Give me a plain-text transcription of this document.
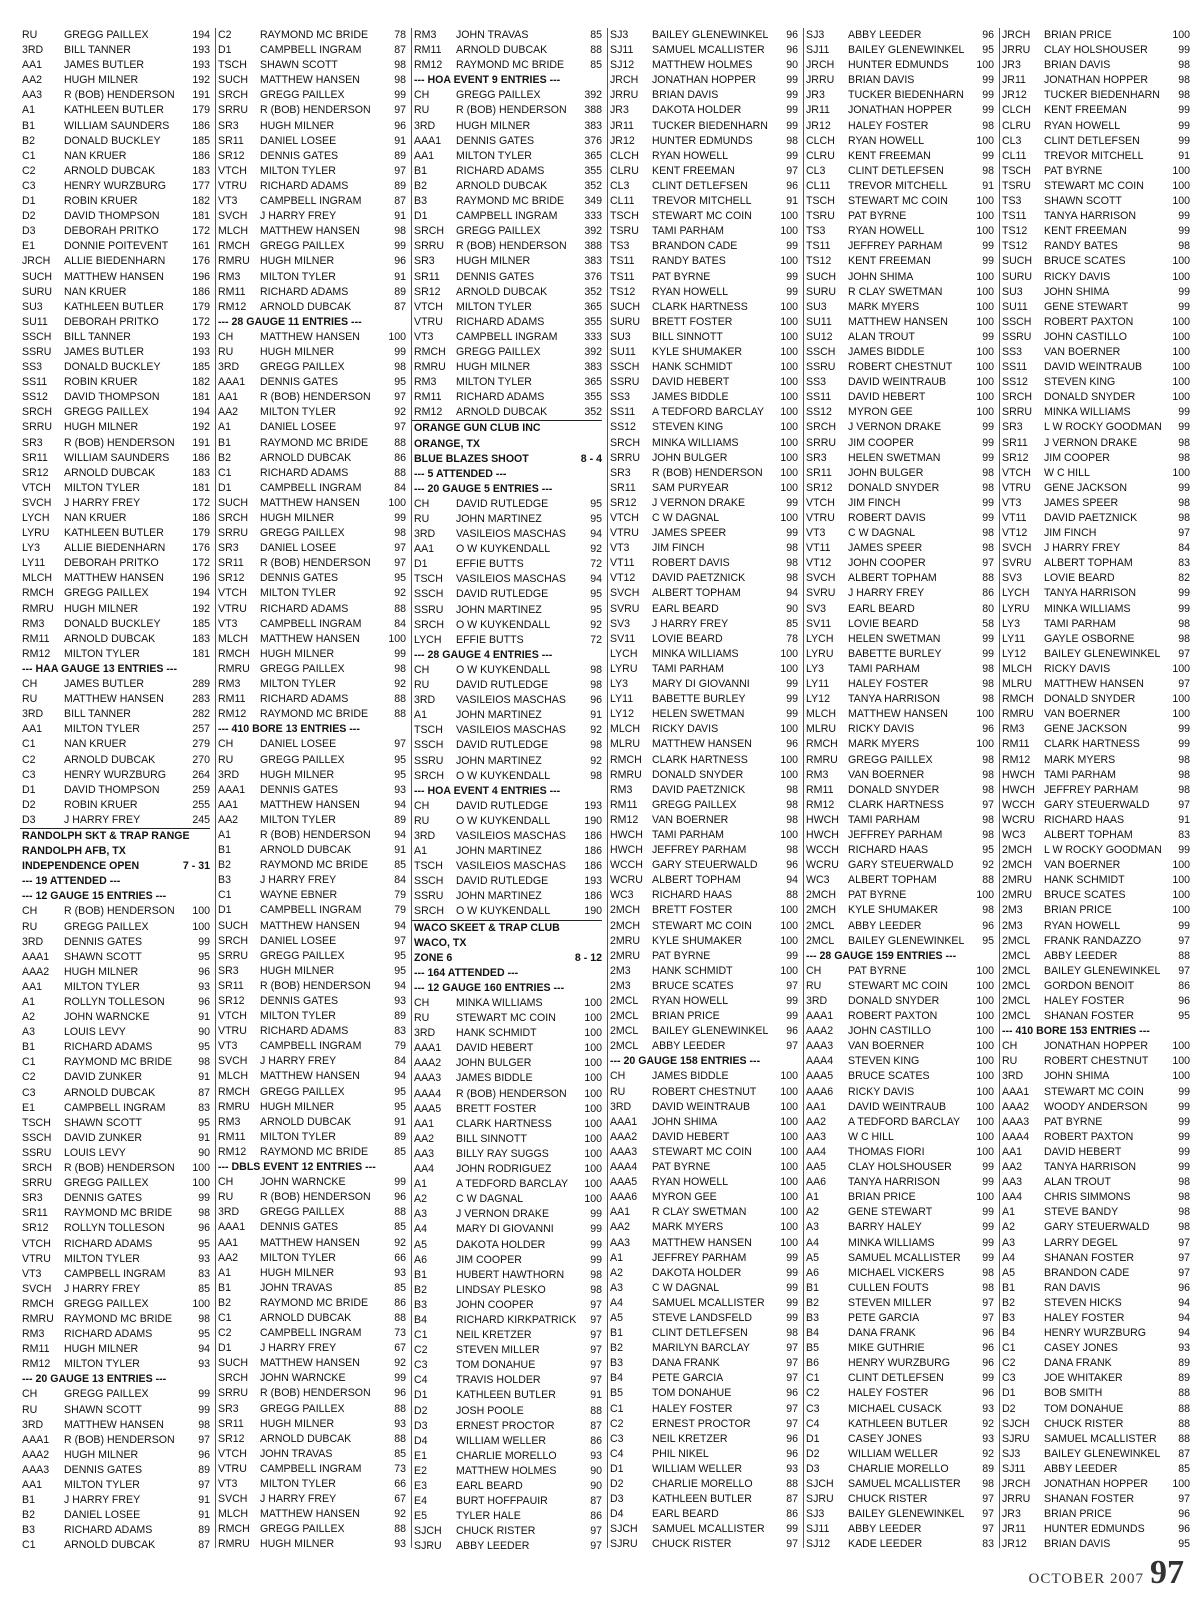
RU	GREGG PAILLEX	194
3RD	BILL TANNER	193
AA1	JAMES BUTLER	193
AA2	HUGH MILNER	192
AA3	R (BOB) HENDERSON	191
A1	KATHLEEN BUTLER	179
B1	WILLIAM SAUNDERS	186
B2	DONALD BUCKLEY	185
C1	NAN KRUER	186
C2	ARNOLD DUBCAK	183
C3	HENRY WURZBURG	177
D1	ROBIN KRUER	182
D2	DAVID THOMPSON	181
D3	DEBORAH PRITKO	172
E1	DONNIE POITEVENT	161
JRCH	ALLIE BIEDENHARN	176
SUCH	MATTHEW HANSEN	196
SURU	NAN KRUER	186
SU3	KATHLEEN BUTLER	179
SU11	DEBORAH PRITKO	172
SSCH	BILL TANNER	193
SSRU	JAMES BUTLER	193
SS3	DONALD BUCKLEY	185
SS11	ROBIN KRUER	182
SS12	DAVID THOMPSON	181
SRCH	GREGG PAILLEX	194
SRRU	HUGH MILNER	192
SR3	R (BOB) HENDERSON	191
SR11	WILLIAM SAUNDERS	186
SR12	ARNOLD DUBCAK	183
VTCH	MILTON TYLER	181
SVCH	J HARRY FREY	172
LYCH	NAN KRUER	186
LYRU	KATHLEEN BUTLER	179
LY3	ALLIE BIEDENHARN	176
LY11	DEBORAH PRITKO	172
MLCH	MATTHEW HANSEN	196
RMCH GREGG PAILLEX	194
RMRU HUGH MILNER	192
RM3	DONALD BUCKLEY	185
RM11	ARNOLD DUBCAK	183
RM12	MILTON TYLER	181
--- HAA GAUGE 13 ENTRIES ---
CH	JAMES BUTLER	289
RU	MATTHEW HANSEN	283
3RD	BILL TANNER	282
AA1	MILTON TYLER	257
C1	NAN KRUER	279
C2	ARNOLD DUBCAK	270
C3	HENRY WURZBURG	264
D1	DAVID THOMPSON	259
D2	ROBIN KRUER	255
D3	J HARRY FREY	245
RANDOLPH SKT & TRAP RANGE
RANDOLPH AFB, TX
INDEPENDENCE OPEN	7 - 31
--- 19 ATTENDED ---
--- 12 GAUGE 15 ENTRIES ---
CH	R (BOB) HENDERSON	100
RU	GREGG PAILLEX	100
3RD	DENNIS GATES	99
AAA1	SHAWN SCOTT	95
AAA2	HUGH MILNER	96
AA1	MILTON TYLER	93
A1	ROLLYN TOLLESON	96
A2	JOHN WARNCKE	91
A3	LOUIS LEVY	90
B1	RICHARD ADAMS	95
C1	RAYMOND MC BRIDE	98
C2	DAVID ZUNKER	91
C3	ARNOLD DUBCAK	87
E1	CAMPBELL INGRAM	83
TSCH	SHAWN SCOTT	95
SSCH	DAVID ZUNKER	91
SSRU	LOUIS LEVY	90
SRCH	R (BOB) HENDERSON	100
SRRU	GREGG PAILLEX	100
SR3	DENNIS GATES	99
SR11	RAYMOND MC BRIDE	98
SR12	ROLLYN TOLLESON	96
VTCH	RICHARD ADAMS	95
VTRU	MILTON TYLER	93
VT3	CAMPBELL INGRAM	83
SVCH	J HARRY FREY	85
RMCH GREGG PAILLEX	100
RMRU RAYMOND MC BRIDE	98
RM3	RICHARD ADAMS	95
RM11	HUGH MILNER	94
RM12	MILTON TYLER	93
--- 20 GAUGE 13 ENTRIES ---
CH	GREGG PAILLEX	99
RU	SHAWN SCOTT	99
3RD	MATTHEW HANSEN	98
AAA1	R (BOB) HENDERSON	97
AAA2	HUGH MILNER	96
AAA3	DENNIS GATES	89
AA1	MILTON TYLER	97
B1	J HARRY FREY	91
B2	DANIEL LOSEE	91
B3	RICHARD ADAMS	89
C1	ARNOLD DUBCAK	87
C2	RAYMOND MC BRIDE	78
D1	CAMPBELL INGRAM	87
TSCH	SHAWN SCOTT	98
SUCH	MATTHEW HANSEN	98
SRCH	GREGG PAILLEX	99
SRRU	R (BOB) HENDERSON	97
SR3	HUGH MILNER	96
SR11	DANIEL LOSEE	91
SR12	DENNIS GATES	89
VTCH	MILTON TYLER	97
VTRU	RICHARD ADAMS	89
VT3	CAMPBELL INGRAM	87
SVCH	J HARRY FREY	91
MLCH	MATTHEW HANSEN	98
RMCH GREGG PAILLEX	99
RMRU HUGH MILNER	96
RM3	MILTON TYLER	91
RM11	RICHARD ADAMS	89
RM12	ARNOLD DUBCAK	87
--- 28 GAUGE 11 ENTRIES ---
CH	MATTHEW HANSEN	100
RU	HUGH MILNER	99
3RD	GREGG PAILLEX	98
AAA1	DENNIS GATES	95
AA1	R (BOB) HENDERSON	97
AA2	MILTON TYLER	92
A1	DANIEL LOSEE	97
B1	RAYMOND MC BRIDE	88
B2	ARNOLD DUBCAK	86
C1	RICHARD ADAMS	88
D1	CAMPBELL INGRAM	84
SUCH	MATTHEW HANSEN	100
SRCH	HUGH MILNER	99
SRRU	GREGG PAILLEX	98
SR3	DANIEL LOSEE	97
SR11	R (BOB) HENDERSON	97
SR12	DENNIS GATES	95
VTCH	MILTON TYLER	92
VTRU	RICHARD ADAMS	88
VT3	CAMPBELL INGRAM	84
MLCH	MATTHEW HANSEN	100
RMCH HUGH MILNER	99
RMRU GREGG PAILLEX	98
RM3	MILTON TYLER	92
RM11	RICHARD ADAMS	88
RM12	RAYMOND MC BRIDE	88
--- 410 BORE 13 ENTRIES ---
CH	DANIEL LOSEE	97
RU	GREGG PAILLEX	95
3RD	HUGH MILNER	95
AAA1	DENNIS GATES	93
AA1	MATTHEW HANSEN	94
AA2	MILTON TYLER	89
A1	R (BOB) HENDERSON	94
B1	ARNOLD DUBCAK	91
B2	RAYMOND MC BRIDE	85
B3	J HARRY FREY	84
C1	WAYNE EBNER	79
D1	CAMPBELL INGRAM	79
SUCH	MATTHEW HANSEN	94
SRCH	DANIEL LOSEE	97
SRRU	GREGG PAILLEX	95
SR3	HUGH MILNER	95
SR11	R (BOB) HENDERSON	94
SR12	DENNIS GATES	93
VTCH	MILTON TYLER	89
VTRU	RICHARD ADAMS	83
VT3	CAMPBELL INGRAM	79
SVCH	J HARRY FREY	84
MLCH	MATTHEW HANSEN	94
RMCH GREGG PAILLEX	95
RMRU HUGH MILNER	95
RM3	ARNOLD DUBCAK	91
RM11	MILTON TYLER	89
RM12	RAYMOND MC BRIDE	85
--- DBLS EVENT 12 ENTRIES ---
CH	JOHN WARNCKE	99
RU	R (BOB) HENDERSON	96
3RD	GREGG PAILLEX	88
AAA1	DENNIS GATES	85
AA1	MATTHEW HANSEN	92
AA2	MILTON TYLER	66
A1	HUGH MILNER	93
B1	JOHN TRAVAS	85
B2	RAYMOND MC BRIDE	86
C1	ARNOLD DUBCAK	88
C2	CAMPBELL INGRAM	73
D1	J HARRY FREY	67
SUCH	MATTHEW HANSEN	92
SRCH	JOHN WARNCKE	99
SRRU	R (BOB) HENDERSON	96
SR3	GREGG PAILLEX	88
SR11	HUGH MILNER	93
SR12	ARNOLD DUBCAK	88
VTCH	JOHN TRAVAS	85
VTRU	CAMPBELL INGRAM	73
VT3	MILTON TYLER	66
SVCH	J HARRY FREY	67
MLCH	MATTHEW HANSEN	92
RMCH GREGG PAILLEX	88
RMRU HUGH MILNER	93
RM3	JOHN TRAVAS	85
RM11	ARNOLD DUBCAK	88
RM12	RAYMOND MC BRIDE	85
--- HOA EVENT 9 ENTRIES ---
CH	GREGG PAILLEX	392
RU	R (BOB) HENDERSON	388
3RD	HUGH MILNER	383
AAA1	DENNIS GATES	376
AA1	MILTON TYLER	365
B1	RICHARD ADAMS	355
B2	ARNOLD DUBCAK	352
B3	RAYMOND MC BRIDE	349
D1	CAMPBELL INGRAM	333
SRCH	GREGG PAILLEX	392
SRRU	R (BOB) HENDERSON	388
SR3	HUGH MILNER	383
SR11	DENNIS GATES	376
SR12	ARNOLD DUBCAK	352
VTCH	MILTON TYLER	365
VTRU	RICHARD ADAMS	355
VT3	CAMPBELL INGRAM	333
RMCH GREGG PAILLEX	392
RMRU HUGH MILNER	383
RM3	MILTON TYLER	365
RM11	RICHARD ADAMS	355
RM12	ARNOLD DUBCAK	352
ORANGE GUN CLUB INC
ORANGE, TX
BLUE BLAZES SHOOT	8 - 4
--- 5 ATTENDED ---
--- 20 GAUGE 5 ENTRIES ---
CH	DAVID RUTLEDGE	95
RU	JOHN MARTINEZ	95
3RD	VASILEIOS MASCHAS	94
AA1	O W KUYKENDALL	92
D1	EFFIE BUTTS	72
TSCH	VASILEIOS MASCHAS	94
SSCH	DAVID RUTLEDGE	95
SSRU	JOHN MARTINEZ	95
SRCH	O W KUYKENDALL	92
LYCH	EFFIE BUTTS	72
--- 28 GAUGE 4 ENTRIES ---
CH	O W KUYKENDALL	98
RU	DAVID RUTLEDGE	98
3RD	VASILEIOS MASCHAS	96
A1	JOHN MARTINEZ	91
TSCH	VASILEIOS MASCHAS	92
SSCH	DAVID RUTLEDGE	98
SSRU	JOHN MARTINEZ	92
SRCH	O W KUYKENDALL	98
--- HOA EVENT 4 ENTRIES ---
CH	DAVID RUTLEDGE	193
RU	O W KUYKENDALL	190
3RD	VASILEIOS MASCHAS	186
A1	JOHN MARTINEZ	186
TSCH	VASILEIOS MASCHAS	186
SSCH	DAVID RUTLEDGE	193
SSRU	JOHN MARTINEZ	186
SRCH	O W KUYKENDALL	190
WACO SKEET & TRAP CLUB
WACO, TX
ZONE 6	8 - 12
--- 164 ATTENDED ---
--- 12 GAUGE 160 ENTRIES ---
CH	MINKA WILLIAMS	100
RU	STEWART MC COIN	100
3RD	HANK SCHMIDT	100
AAA1	DAVID HEBERT	100
AAA2	JOHN BULGER	100
AAA3	JAMES BIDDLE	100
AAA4	R (BOB) HENDERSON	100
AAA5	BRETT FOSTER	100
AA1	CLARK HARTNESS	100
AA2	BILL SINNOTT	100
AA3	BILLY RAY SUGGS	100
AA4	JOHN RODRIGUEZ	100
A1	A TEDFORD BARCLAY	100
A2	C W DAGNAL	100
A3	J VERNON DRAKE	99
A4	MARY DI GIOVANNI	99
A5	DAKOTA HOLDER	99
A6	JIM COOPER	99
B1	HUBERT HAWTHORN	98
B2	LINDSAY PLESKO	98
B3	JOHN COOPER	97
B4	RICHARD KIRKPATRICK	97
C1	NEIL KRETZER	97
C2	STEVEN MILLER	97
C3	TOM DONAHUE	97
C4	TRAVIS HOLDER	97
D1	KATHLEEN BUTLER	91
D2	JOSH POOLE	88
D3	ERNEST PROCTOR	87
D4	WILLIAM WELLER	86
E1	CHARLIE MORELLO	93
E2	MATTHEW HOLMES	90
E3	EARL BEARD	90
E4	BURT HOFFPAUIR	87
E5	TYLER HALE	86
SJCH	CHUCK RISTER	97
SJRU	ABBY LEEDER	97
SJ3	BAILEY GLENEWINKEL	96
SJ11	SAMUEL MCALLISTER	96
SJ12	MATTHEW HOLMES	90
JRCH	JONATHAN HOPPER	99
JRRU	BRIAN DAVIS	99
JR3	DAKOTA HOLDER	99
JR11	TUCKER BIEDENHARN	99
JR12	HUNTER EDMUNDS	98
CLCH	RYAN HOWELL	99
CLRU	KENT FREEMAN	97
CL3	CLINT DETLEFSEN	96
CL11	TREVOR MITCHELL	91
TSCH	STEWART MC COIN	100
TSRU	TAMI PARHAM	100
TS3	BRANDON CADE	99
TS11	RANDY BATES	100
TS11	PAT BYRNE	99
TS12	RYAN HOWELL	99
SUCH	CLARK HARTNESS	100
SURU	BRETT FOSTER	100
SU3	BILL SINNOTT	100
SU11	KYLE SHUMAKER	100
SSCH	HANK SCHMIDT	100
SSRU	DAVID HEBERT	100
SS3	JAMES BIDDLE	100
SS11	A TEDFORD BARCLAY	100
SS12	STEVEN KING	100
SRCH	MINKA WILLIAMS	100
SRRU	JOHN BULGER	100
SR3	R (BOB) HENDERSON	100
SR11	SAM PURYEAR	100
SR12	J VERNON DRAKE	99
VTCH	C W DAGNAL	100
VTRU	JAMES SPEER	99
VT3	JIM FINCH	98
VT11	ROBERT DAVIS	98
VT12	DAVID PAETZNICK	98
SVCH	ALBERT TOPHAM	94
SVRU	EARL BEARD	90
SV3	J HARRY FREY	85
SV11	LOVIE BEARD	78
LYCH	MINKA WILLIAMS	100
LYRU	TAMI PARHAM	100
LY3	MARY DI GIOVANNI	99
LY11	BABETTE BURLEY	99
LY12	HELEN SWETMAN	99
MLCH	RICKY DAVIS	100
MLRU	MATTHEW HANSEN	96
RMCH CLARK HARTNESS	100
RMRU DONALD SNYDER	100
RM3	DAVID PAETZNICK	98
RM11	GREGG PAILLEX	98
RM12	VAN BOERNER	98
HWCH TAMI PARHAM	100
HWCH JEFFREY PARHAM	98
WCCH GARY STEUERWALD	96
WCRU ALBERT TOPHAM	94
WC3	RICHARD HAAS	88
2MCH	BRETT FOSTER	100
2MCH	STEWART MC COIN	100
2MRU	KYLE SHUMAKER	100
2MRU	PAT BYRNE	99
2M3	HANK SCHMIDT	100
2M3	BRUCE SCATES	97
2MCL	RYAN HOWELL	99
2MCL	BRIAN PRICE	99
2MCL	BAILEY GLENEWINKEL	96
2MCL	ABBY LEEDER	97
--- 20 GAUGE 158 ENTRIES ---
CH	JAMES BIDDLE	100
RU	ROBERT CHESTNUT	100
3RD	DAVID WEINTRAUB	100
AAA1	JOHN SHIMA	100
AAA2	DAVID HEBERT	100
AAA3	STEWART MC COIN	100
AAA4	PAT BYRNE	100
AAA5	RYAN HOWELL	100
AAA6	MYRON GEE	100
AA1	R CLAY SWETMAN	100
AA2	MARK MYERS	100
AA3	MATTHEW HANSEN	100
A1	JEFFREY PARHAM	99
A2	DAKOTA HOLDER	99
A3	C W DAGNAL	99
A4	SAMUEL MCALLISTER	99
A5	STEVE LANDSFELD	99
B1	CLINT DETLEFSEN	98
B2	MARILYN BARCLAY	97
B3	DANA FRANK	97
B4	PETE GARCIA	97
B5	TOM DONAHUE	96
C1	HALEY FOSTER	97
C2	ERNEST PROCTOR	97
C3	NEIL KRETZER	96
C4	PHIL NIKEL	96
D1	WILLIAM WELLER	93
D2	CHARLIE MORELLO	88
D3	KATHLEEN BUTLER	87
D4	EARL BEARD	86
SJCH	SAMUEL MCALLISTER	99
SJRU	CHUCK RISTER	97
SJ3	ABBY LEEDER	96
SJ11	BAILEY GLENEWINKEL	95
JRCH	HUNTER EDMUNDS	100
JRRU	BRIAN DAVIS	99
JR3	TUCKER BIEDENHARN	99
JR11	JONATHAN HOPPER	99
JR12	HALEY FOSTER	98
CLCH	RYAN HOWELL	100
CLRU	KENT FREEMAN	99
CL3	CLINT DETLEFSEN	98
CL11	TREVOR MITCHELL	91
TSCH	STEWART MC COIN	100
TSRU	PAT BYRNE	100
TS3	RYAN HOWELL	100
TS11	JEFFREY PARHAM	99
TS12	KENT FREEMAN	99
SUCH	JOHN SHIMA	100
SURU	R CLAY SWETMAN	100
SU3	MARK MYERS	100
SU11	MATTHEW HANSEN	100
SU12	ALAN TROUT	99
SSCH	JAMES BIDDLE	100
SSRU	ROBERT CHESTNUT	100
SS3	DAVID WEINTRAUB	100
SS11	DAVID HEBERT	100
SS12	MYRON GEE	100
SRCH	J VERNON DRAKE	99
SRRU	JIM COOPER	99
SR3	HELEN SWETMAN	99
SR11	JOHN BULGER	98
SR12	DONALD SNYDER	98
VTCH	JIM FINCH	99
VTRU	ROBERT DAVIS	99
VT3	C W DAGNAL	98
VT11	JAMES SPEER	98
VT12	JOHN COOPER	97
SVCH	ALBERT TOPHAM	88
SVRU	J HARRY FREY	86
SV3	EARL BEARD	80
SV11	LOVIE BEARD	58
LYCH	HELEN SWETMAN	99
LYRU	BABETTE BURLEY	99
LY3	TAMI PARHAM	98
LY11	HALEY FOSTER	98
LY12	TANYA HARRISON	98
MLCH	MATTHEW HANSEN	100
MLRU	RICKY DAVIS	96
RMCH MARK MYERS	100
RMRU GREGG PAILLEX	98
RM3	VAN BOERNER	98
RM11	DONALD SNYDER	98
RM12	CLARK HARTNESS	97
HWCH TAMI PARHAM	98
HWCH JEFFREY PARHAM	98
WCCH RICHARD HAAS	95
WCRU GARY STEUERWALD	92
WC3	ALBERT TOPHAM	88
2MCH	PAT BYRNE	100
2MCH	KYLE SHUMAKER	98
2MCL	ABBY LEEDER	96
2MCL	BAILEY GLENEWINKEL	95
--- 28 GAUGE 159 ENTRIES ---
CH	PAT BYRNE	100
RU	STEWART MC COIN	100
3RD	DONALD SNYDER	100
AAA1	ROBERT PAXTON	100
AAA2	JOHN CASTILLO	100
AAA3	VAN BOERNER	100
AAA4	STEVEN KING	100
AAA5	BRUCE SCATES	100
AAA6	RICKY DAVIS	100
AA1	DAVID WEINTRAUB	100
AA2	A TEDFORD BARCLAY	100
AA3	W C HILL	100
AA4	THOMAS FIORI	100
AA5	CLAY HOLSHOUSER	99
AA6	TANYA HARRISON	99
A1	BRIAN PRICE	100
A2	GENE STEWART	99
A3	BARRY HALEY	99
A4	MINKA WILLIAMS	99
A5	SAMUEL MCALLISTER	99
A6	MICHAEL VICKERS	98
B1	CULLEN FOUTS	98
B2	STEVEN MILLER	97
B3	PETE GARCIA	97
B4	DANA FRANK	96
B5	MIKE GUTHRIE	96
B6	HENRY WURZBURG	96
C1	CLINT DETLEFSEN	99
C2	HALEY FOSTER	96
C3	MICHAEL CUSACK	93
C4	KATHLEEN BUTLER	92
D1	CASEY JONES	93
D2	WILLIAM WELLER	92
D3	CHARLIE MORELLO	89
SJCH	SAMUEL MCALLISTER	98
SJRU	CHUCK RISTER	97
SJ3	BAILEY GLENEWINKEL	97
SJ11	ABBY LEEDER	97
SJ12	KADE LEEDER	83
JRCH	BRIAN PRICE	100
JRRU	CLAY HOLSHOUSER	99
JR3	BRIAN DAVIS	98
JR11	JONATHAN HOPPER	98
JR12	TUCKER BIEDENHARN	98
CLCH	KENT FREEMAN	99
CLRU	RYAN HOWELL	99
CL3	CLINT DETLEFSEN	99
CL11	TREVOR MITCHELL	91
TSCH	PAT BYRNE	100
TSRU	STEWART MC COIN	100
TS3	SHAWN SCOTT	100
TS11	TANYA HARRISON	99
TS12	KENT FREEMAN	99
TS12	RANDY BATES	98
SUCH	BRUCE SCATES	100
SURU	RICKY DAVIS	100
SU3	JOHN SHIMA	99
SU11	GENE STEWART	99
SSCH	ROBERT PAXTON	100
SSRU	JOHN CASTILLO	100
SS3	VAN BOERNER	100
SS11	DAVID WEINTRAUB	100
SS12	STEVEN KING	100
SRCH	DONALD SNYDER	100
SRRU	MINKA WILLIAMS	99
SR3	L W ROCKY GOODMAN	99
SR11	J VERNON DRAKE	98
SR12	JIM COOPER	98
VTCH	W C HILL	100
VTRU	GENE JACKSON	99
VT3	JAMES SPEER	98
VT11	DAVID PAETZNICK	98
VT12	JIM FINCH	97
SVCH	J HARRY FREY	84
SVRU	ALBERT TOPHAM	83
SV3	LOVIE BEARD	82
LYCH	TANYA HARRISON	99
LYRU	MINKA WILLIAMS	99
LY3	TAMI PARHAM	98
LY11	GAYLE OSBORNE	98
LY12	BAILEY GLENEWINKEL	97
MLCH	RICKY DAVIS	100
MLRU	MATTHEW HANSEN	97
RMCH DONALD SNYDER	100
RMRU VAN BOERNER	100
RM3	GENE JACKSON	99
RM11	CLARK HARTNESS	99
RM12	MARK MYERS	98
HWCH TAMI PARHAM	98
HWCH JEFFREY PARHAM	98
WCCH GARY STEUERWALD	97
WCRU RICHARD HAAS	91
WC3	ALBERT TOPHAM	83
2MCH	L W ROCKY GOODMAN	99
2MCH	VAN BOERNER	100
2MRU	HANK SCHMIDT	100
2MRU	BRUCE SCATES	100
2M3	BRIAN PRICE	100
2M3	RYAN HOWELL	99
2MCL	FRANK RANDAZZO	97
2MCL	ABBY LEEDER	88
2MCL	BAILEY GLENEWINKEL	97
2MCL	GORDON BENOIT	86
2MCL	HALEY FOSTER	96
2MCL	SHANAN FOSTER	95
--- 410 BORE 153 ENTRIES ---
CH	JONATHAN HOPPER	100
RU	ROBERT CHESTNUT	100
3RD	JOHN SHIMA	100
AAA1	STEWART MC COIN	99
AAA2	WOODY ANDERSON	99
AAA3	PAT BYRNE	99
AAA4	ROBERT PAXTON	99
AA1	DAVID HEBERT	99
AA2	TANYA HARRISON	99
AA3	ALAN TROUT	98
AA4	CHRIS SIMMONS	98
A1	STEVE BANDY	98
A2	GARY STEUERWALD	98
A3	LARRY DEGEL	97
A4	SHANAN FOSTER	97
A5	BRANDON CADE	97
B1	RAN DAVIS	96
B2	STEVEN HICKS	94
B3	HALEY FOSTER	94
B4	HENRY WURZBURG	94
C1	CASEY JONES	93
C2	DANA FRANK	89
C3	JOE WHITAKER	89
D1	BOB SMITH	88
D2	TOM DONAHUE	88
SJCH	CHUCK RISTER	88
SJRU	SAMUEL MCALLISTER	88
SJ3	BAILEY GLENEWINKEL	87
SJ11	ABBY LEEDER	85
JRCH	JONATHAN HOPPER	100
JRRU	SHANAN FOSTER	97
JR3	BRIAN PRICE	96
JR11	HUNTER EDMUNDS	96
JR12	BRIAN DAVIS	95
OCTOBER 2007 97
